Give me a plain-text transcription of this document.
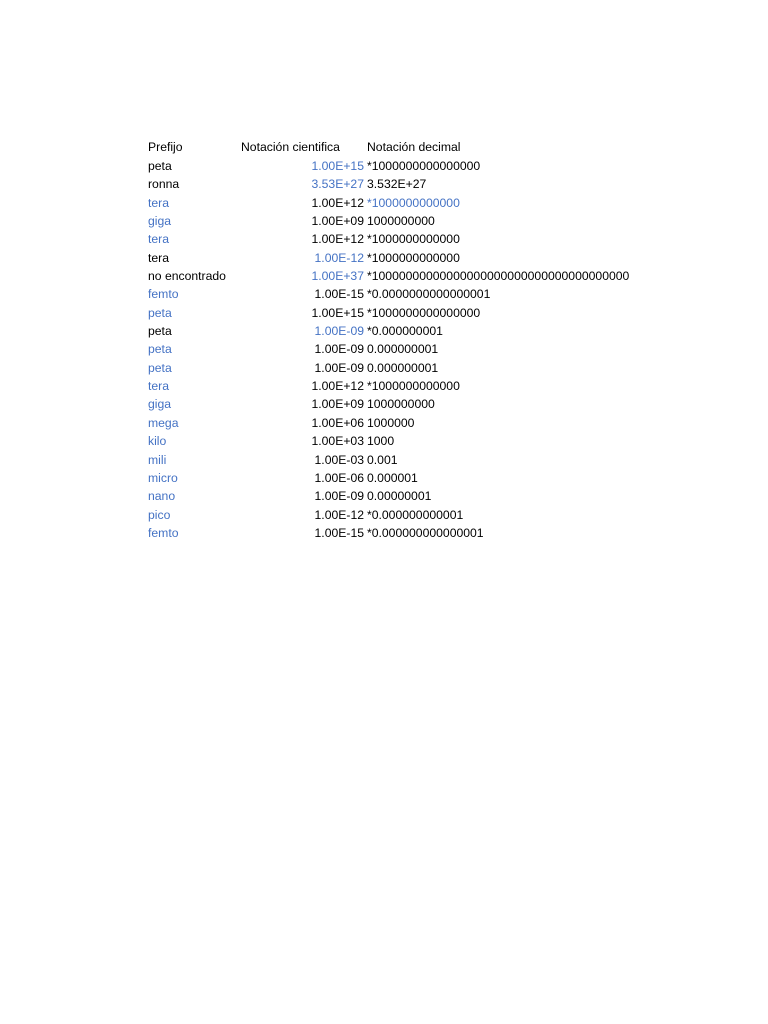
Prefijo	Notación cientifica	Notación decimal
peta	1.00E+15 *1000000000000000
ronna	3.53E+27 3.532E+27
tera	1.00E+12 *1000000000000
giga	1.00E+09 1000000000
tera	1.00E+12 *1000000000000
tera	1.00E-12 *1000000000000
no encontrado	1.00E+37 *10000000000000000000000000000000000000
femto	1.00E-15 *0.0000000000000001
peta	1.00E+15 *1000000000000000
peta	1.00E-09 *0.000000001
peta	1.00E-09 0.000000001
peta	1.00E-09 0.000000001
tera	1.00E+12 *1000000000000
giga	1.00E+09 1000000000
mega	1.00E+06 1000000
kilo	1.00E+03 1000
mili	1.00E-03 0.001
micro	1.00E-06 0.000001
nano	1.00E-09 0.00000001
pico	1.00E-12 *0.000000000001
femto	1.00E-15 *0.000000000000001
